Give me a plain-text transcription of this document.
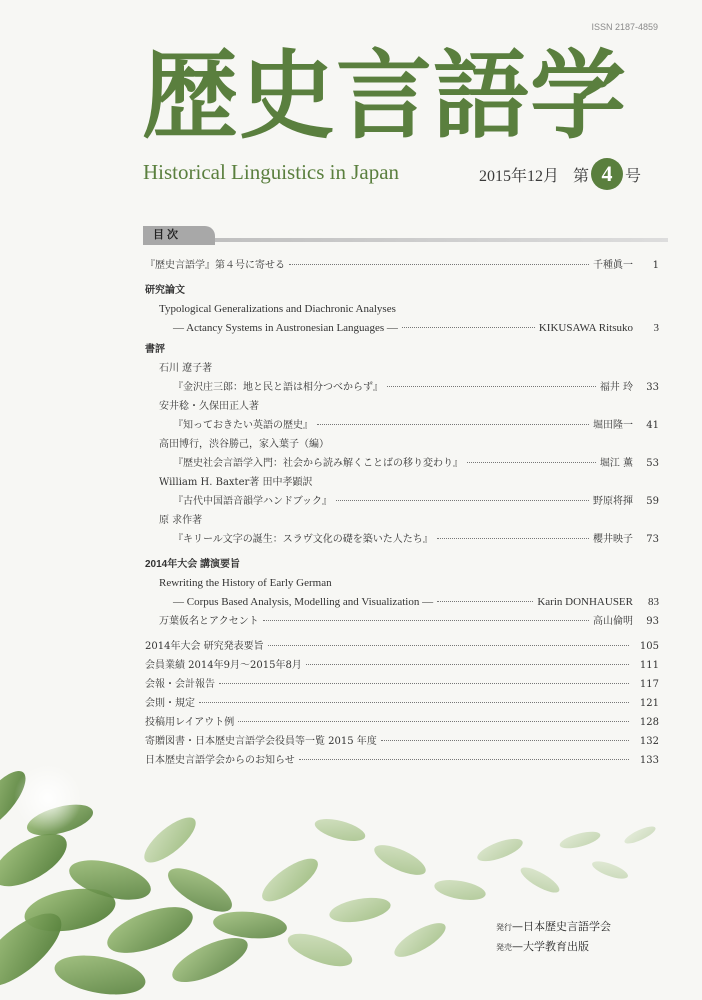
ISSN 2187-4859
歴史言語学
Historical Linguistics in Japan	2015年12月 第 4 号
目 次
『歴史言語学』第４号に寄せる	千種眞一	1
研究論文
Typological Generalizations and Diachronic Analyses
— Actancy Systems in Austronesian Languages —	KIKUSAWA Ritsuko	3
書評
石川 遼子著
『金沢庄三郎：地と民と語は相分つべからず』	福井 玲	33
安井稔・久保田正人著
『知っておきたい英語の歴史』	堀田隆一	41
高田博行，渋谷勝己，家入葉子（編）
『歴史社会言語学入門：社会から読み解くことばの移り変わり』	堀江 薫	53
William H. Baxter著 田中孝顕訳
『古代中国語音韻学ハンドブック』	野原将揮	59
原 求作著
『キリール文字の誕生：スラヴ文化の礎を築いた人たち』	櫻井映子	73
2014年大会 講演要旨
Rewriting the History of Early German
— Corpus Based Analysis, Modelling and Visualization —	Karin DONHAUSER	83
万葉仮名とアクセント	高山倫明	93
2014年大会 研究発表要旨	105
会員業績 2014年9月～2015年8月	111
会報・会計報告	117
会則・規定	121
投稿用レイアウト例	128
寄贈図書・日本歴史言語学会役員等一覧 2015 年度	132
日本歴史言語学会からのお知らせ	133
発行—日本歴史言語学会
発売—大学教育出版
